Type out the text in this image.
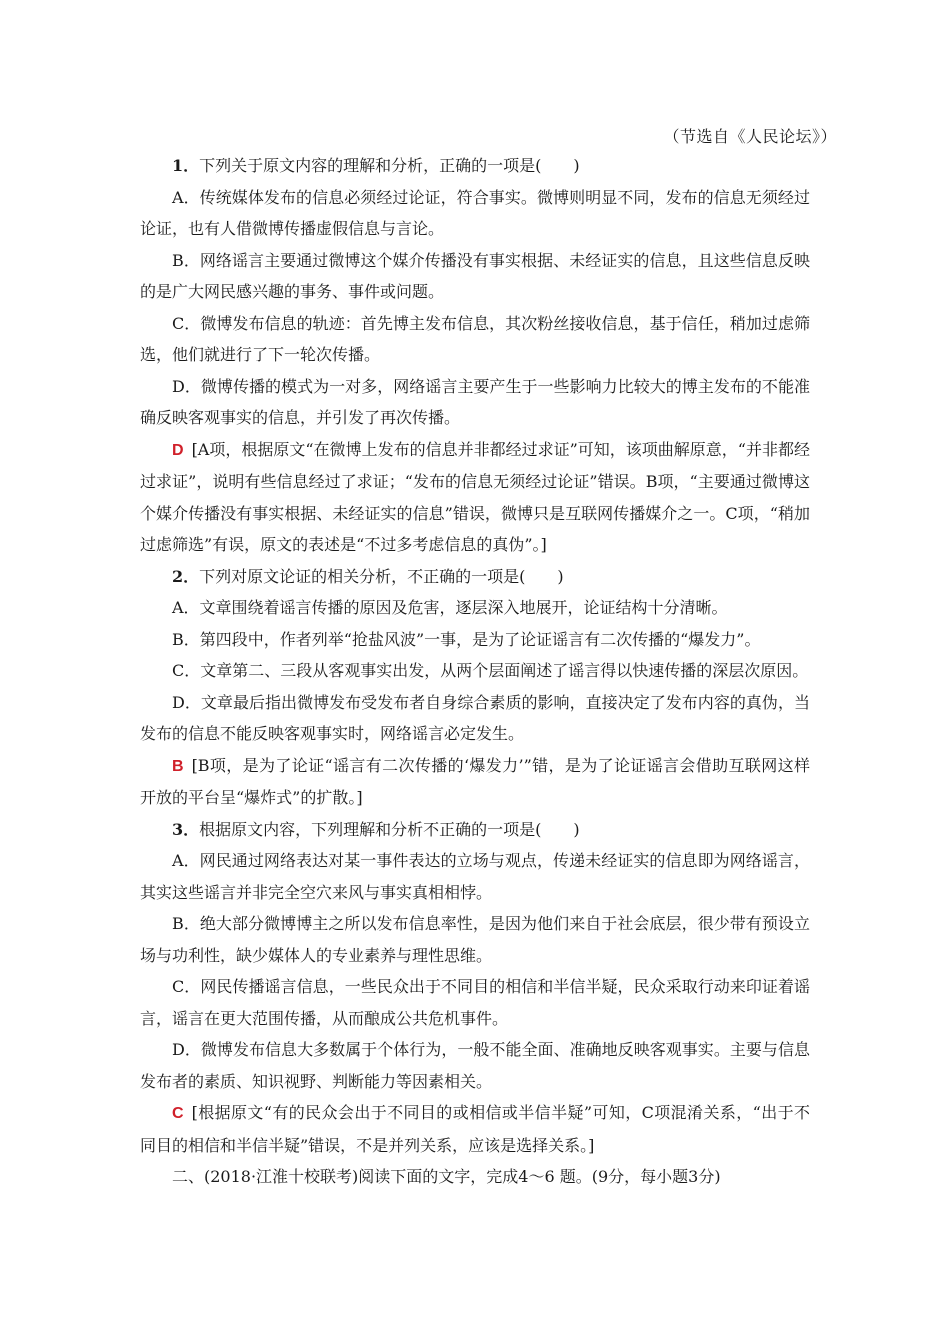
（节选自《人民论坛》）

1．下列关于原文内容的理解和分析，正确的一项是(　　)

A．传统媒体发布的信息必须经过论证，符合事实。微博则明显不同，发布的信息无须经过论证，也有人借微博传播虚假信息与言论。

B．网络谣言主要通过微博这个媒介传播没有事实根据、未经证实的信息，且这些信息反映的是广大网民感兴趣的事务、事件或问题。

C．微博发布信息的轨迹：首先博主发布信息，其次粉丝接收信息，基于信任，稍加过虑筛选，他们就进行了下一轮次传播。

D．微博传播的模式为一对多，网络谣言主要产生于一些影响力比较大的博主发布的不能准确反映客观事实的信息，并引发了再次传播。

D [A项，根据原文“在微博上发布的信息并非都经过求证”可知，该项曲解原意，“并非都经过求证”，说明有些信息经过了求证；“发布的信息无须经过论证”错误。B项，“主要通过微博这个媒介传播没有事实根据、未经证实的信息”错误，微博只是互联网传播媒介之一。C项，“稍加过虑筛选”有误，原文的表述是“不过多考虑信息的真伪”。]

2．下列对原文论证的相关分析，不正确的一项是(　　)

A．文章围绕着谣言传播的原因及危害，逐层深入地展开，论证结构十分清晰。

B．第四段中，作者列举“抢盐风波”一事，是为了论证谣言有二次传播的“爆发力”。

C．文章第二、三段从客观事实出发，从两个层面阐述了谣言得以快速传播的深层次原因。

D．文章最后指出微博发布受发布者自身综合素质的影响，直接决定了发布内容的真伪，当发布的信息不能反映客观事实时，网络谣言必定发生。

B [B项，是为了论证“谣言有二次传播的‘爆发力’”错，是为了论证谣言会借助互联网这样开放的平台呈“爆炸式”的扩散。]

3．根据原文内容，下列理解和分析不正确的一项是(　　)

A．网民通过网络表达对某一事件表达的立场与观点，传递未经证实的信息即为网络谣言，其实这些谣言并非完全空穴来风与事实真相相悖。

B．绝大部分微博博主之所以发布信息率性，是因为他们来自于社会底层，很少带有预设立场与功利性，缺少媒体人的专业素养与理性思维。

C．网民传播谣言信息，一些民众出于不同目的相信和半信半疑，民众采取行动来印证着谣言，谣言在更大范围传播，从而酿成公共危机事件。

D．微博发布信息大多数属于个体行为，一般不能全面、准确地反映客观事实。主要与信息发布者的素质、知识视野、判断能力等因素相关。

C [根据原文“有的民众会出于不同目的或相信或半信半疑”可知，C项混淆关系，“出于不同目的相信和半信半疑”错误，不是并列关系，应该是选择关系。]

二、(2018·江淮十校联考)阅读下面的文字，完成4～6 题。(9分，每小题3分)
